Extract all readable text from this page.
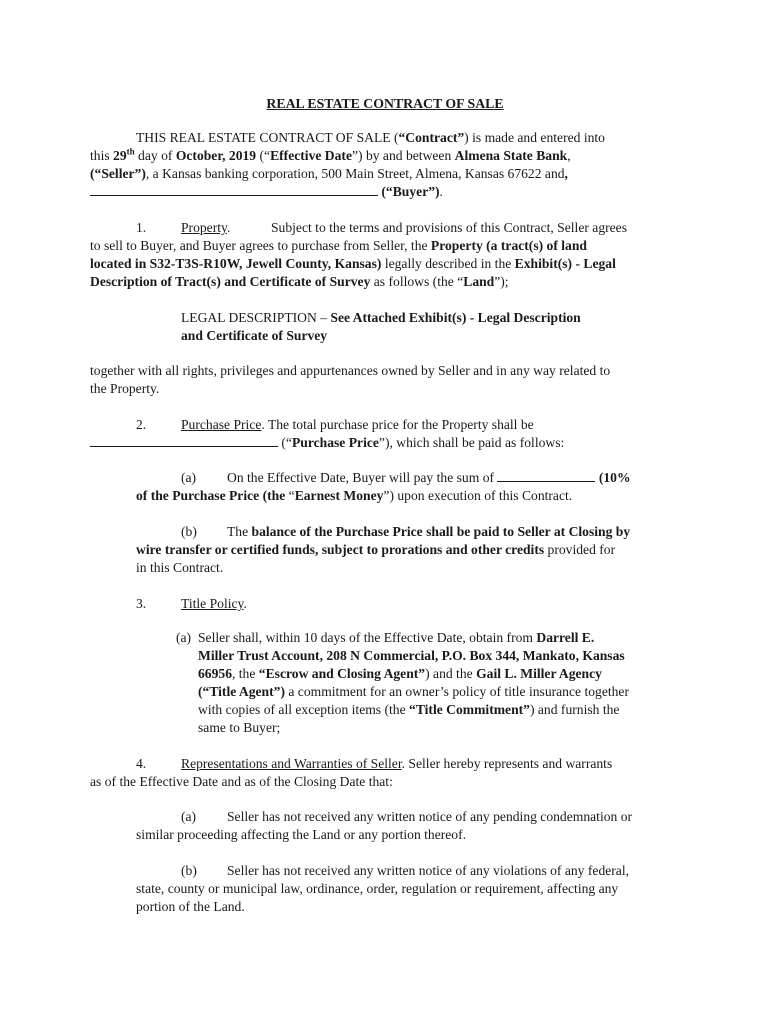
REAL ESTATE CONTRACT OF SALE
THIS REAL ESTATE CONTRACT OF SALE (“Contract”) is made and entered into
this 29th day of October, 2019 (“Effective Date”) by and between Almena State Bank,
(“Seller”), a Kansas banking corporation, 500 Main Street, Almena, Kansas 67622 and,
(“Buyer”).
1.	Property.	Subject to the terms and provisions of this Contract, Seller agrees
to sell to Buyer, and Buyer agrees to purchase from Seller, the Property (a tract(s) of land
located in S32-T3S-R10W, Jewell County, Kansas) legally described in the Exhibit(s) - Legal
Description of Tract(s) and Certificate of Survey as follows (the “Land”);
LEGAL DESCRIPTION – See Attached Exhibit(s) - Legal Description
and Certificate of Survey
together with all rights, privileges and appurtenances owned by Seller and in any way related to
the Property.
2.	Purchase Price. The total purchase price for the Property shall be
(“Purchase Price”), which shall be paid as follows:
(a) On the Effective Date, Buyer will pay the sum of	(10%
of the Purchase Price (the “Earnest Money”) upon execution of this Contract.
(b) The balance of the Purchase Price shall be paid to Seller at Closing by
wire transfer or certified funds, subject to prorations and other credits provided for
in this Contract.
3.	Title Policy.
(a) Seller shall, within 10 days of the Effective Date, obtain from Darrell E.
Miller Trust Account, 208 N Commercial, P.O. Box 344, Mankato, Kansas
66956, the “Escrow and Closing Agent”) and the Gail L. Miller Agency
(“Title Agent”) a commitment for an owner’s policy of title insurance together
with copies of all exception items (the “Title Commitment”) and furnish the
same to Buyer;
4.	Representations and Warranties of Seller. Seller hereby represents and warrants
as of the Effective Date and as of the Closing Date that:
(a) Seller has not received any written notice of any pending condemnation or
similar proceeding affecting the Land or any portion thereof.
(b) Seller has not received any written notice of any violations of any federal,
state, county or municipal law, ordinance, order, regulation or requirement, affecting any
portion of the Land.
